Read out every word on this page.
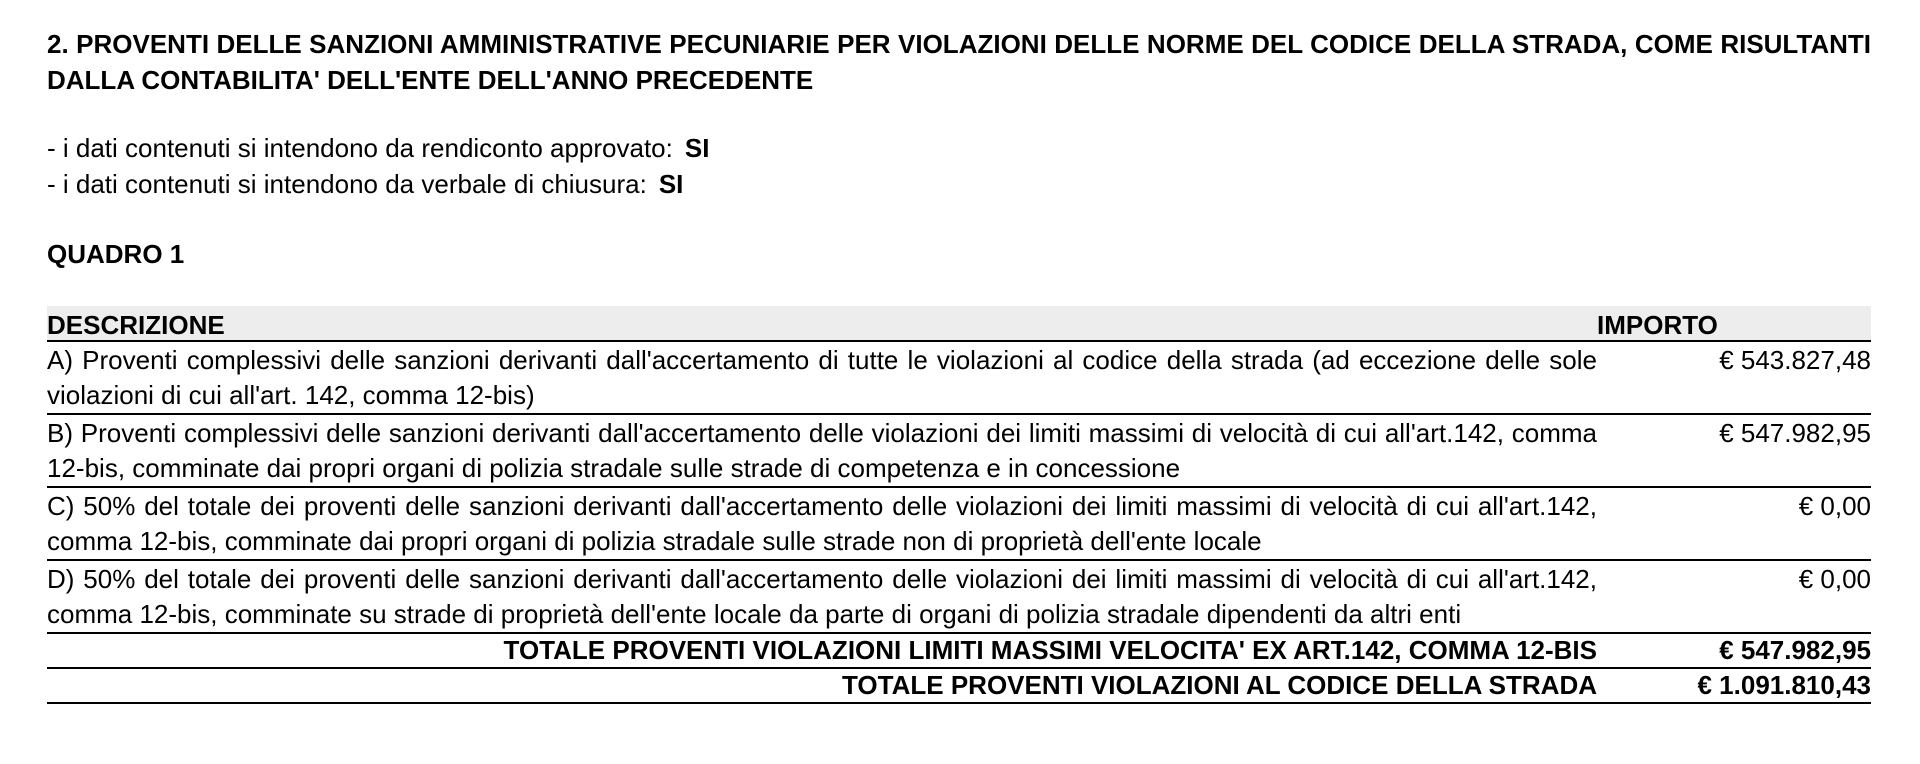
2. PROVENTI DELLE SANZIONI AMMINISTRATIVE PECUNIARIE PER VIOLAZIONI DELLE NORME DEL CODICE DELLA STRADA, COME RISULTANTI DALLA CONTABILITA' DELL'ENTE DELL'ANNO PRECEDENTE

- i dati contenuti si intendono da rendiconto approvato: SI
- i dati contenuti si intendono da verbale di chiusura: SI
QUADRO 1
DESCRIZIONE	IMPORTO
A) Proventi complessivi delle sanzioni derivanti dall'accertamento di tutte le violazioni al codice della strada (ad eccezione delle sole violazioni di cui all'art. 142, comma 12-bis)
€ 543.827,48
B) Proventi complessivi delle sanzioni derivanti dall'accertamento delle violazioni dei limiti massimi di velocità di cui all'art.142, comma 12-bis, comminate dai propri organi di polizia stradale sulle strade di competenza e in concessione
€ 547.982,95
C) 50% del totale dei proventi delle sanzioni derivanti dall'accertamento delle violazioni dei limiti massimi di velocità di cui all'art.142, comma 12-bis, comminate dai propri organi di polizia stradale sulle strade non di proprietà dell'ente locale
€ 0,00
D) 50% del totale dei proventi delle sanzioni derivanti dall'accertamento delle violazioni dei limiti massimi di velocità di cui all'art.142, comma 12-bis, comminate su strade di proprietà dell'ente locale da parte di organi di polizia stradale dipendenti da altri enti
€ 0,00
TOTALE PROVENTI VIOLAZIONI LIMITI MASSIMI VELOCITA' EX ART.142, COMMA 12-BIS	€ 547.982,95
TOTALE PROVENTI VIOLAZIONI AL CODICE DELLA STRADA	€ 1.091.810,43
